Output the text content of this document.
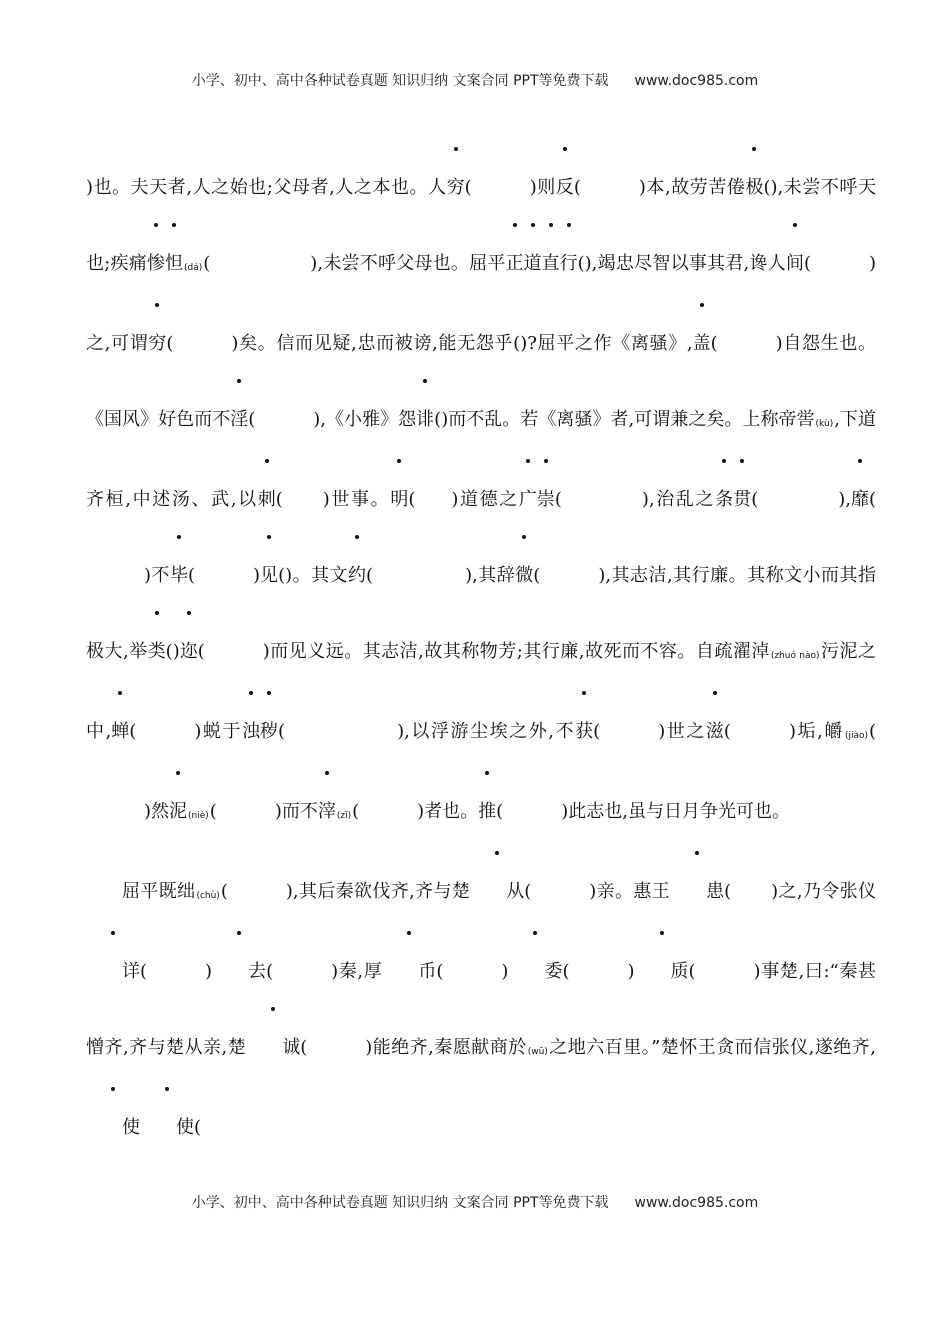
小学、初中、高中各种试卷真题 知识归纳 文案合同 PPT等免费下载 www.doc985.com

)也。夫天者,人之始也;父母者,人之本也。人穷(	)则反(	)本,故劳苦倦极(),未尝不呼天也;疾痛惨怛(dá)(	),未尝不呼父母也。屈平正道直行(),竭忠尽智以事其君,谗人间(	)之,可谓穷(	)矣。信而见疑,忠而被谤,能无怨乎()?屈平之作《离骚》,盖(	)自怨生也。《国风》好色而不淫(	),《小雅》怨诽()而不乱。若《离骚》者,可谓兼之矣。上称帝喾(kù),下道齐桓,中述汤、武,以刺( )世事。明( )道德之广崇(	),治乱之条贯(	),靡()不毕(	)见()。其文约(	),其辞微(	),其志洁,其行廉。其称文小而其指极大,举类()迩(	)而见义远。其志洁,故其称物芳;其行廉,故死而不容。自疏濯淖(zhuó nào)污泥之中,蝉(	)蜕于浊秽(	),以浮游尘埃之外,不获(	)世之滋(	)垢,皭(jiào)()然泥(niè)(	)而不滓(zǐ)(	)者也。推(	)此志也,虽与日月争光可也。

屈平既绌(chù)(	),其后秦欲伐齐,齐与楚 从(	)亲。惠王 患( )之,乃令张仪详(	) 去(	)秦,厚 币(	) 委(	) 质(	)事楚,曰:“秦甚憎齐,齐与楚从亲,楚 诚(	)能绝齐,秦愿献商於(wū)之地六百里。”楚怀王贪而信张仪,遂绝齐,使 使(

小学、初中、高中各种试卷真题 知识归纳 文案合同 PPT等免费下载 www.doc985.com
